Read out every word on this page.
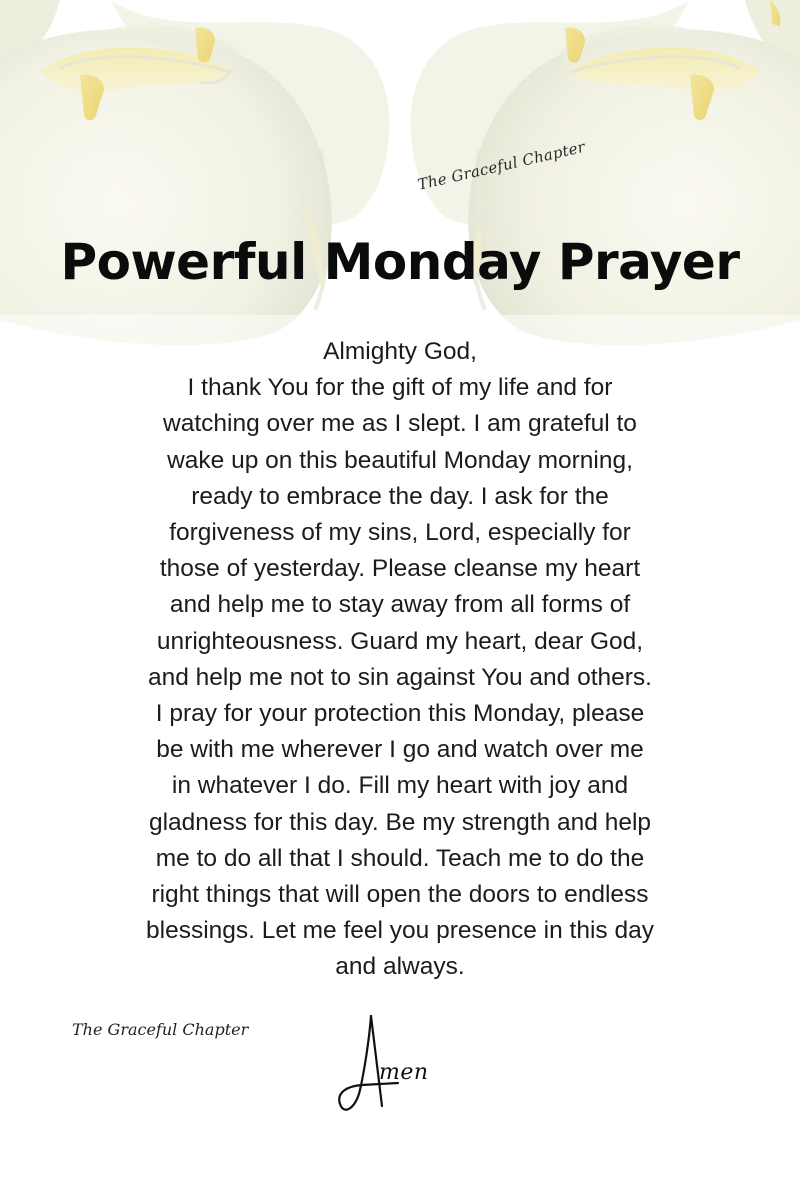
The Graceful Chapter
Powerful Monday Prayer
Almighty God,
I thank You for the gift of my life and for
watching over me as I slept. I am grateful to
wake up on this beautiful Monday morning,
ready to embrace the day. I ask for the
forgiveness of my sins, Lord, especially for
those of yesterday. Please cleanse my heart
and help me to stay away from all forms of
unrighteousness. Guard my heart, dear God,
and help me not to sin against You and others.
I pray for your protection this Monday, please
be with me wherever I go and watch over me
in whatever I do. Fill my heart with joy and
gladness for this day. Be my strength and help
me to do all that I should. Teach me to do the
right things that will open the doors to endless
blessings. Let me feel you presence in this day
and always.
The Graceful Chapter
men
